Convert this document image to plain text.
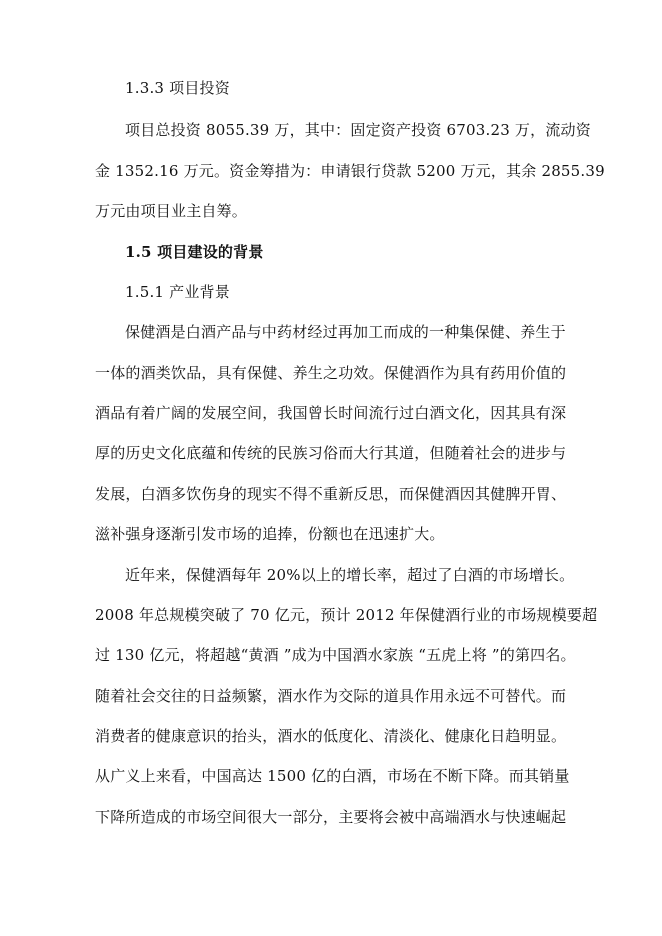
1.3.3 项目投资
项目总投资 8055.39 万，其中：固定资产投资 6703.23 万，流动资
金 1352.16 万元。资金筹措为：申请银行贷款 5200 万元，其余 2855.39
万元由项目业主自筹。
1.5 项目建设的背景
1.5.1 产业背景
保健酒是白酒产品与中药材经过再加工而成的一种集保健、养生于
一体的酒类饮品，具有保健、养生之功效。保健酒作为具有药用价值的
酒品有着广阔的发展空间，我国曾长时间流行过白酒文化，因其具有深
厚的历史文化底蕴和传统的民族习俗而大行其道，但随着社会的进步与
发展，白酒多饮伤身的现实不得不重新反思，而保健酒因其健脾开胃、
滋补强身逐渐引发市场的追捧，份额也在迅速扩大。
近年来，保健酒每年 20%以上的增长率，超过了白酒的市场增长。
2008 年总规模突破了 70 亿元，预计 2012 年保健酒行业的市场规模要超
过 130 亿元，将超越“黄酒 ”成为中国酒水家族 “五虎上将 ”的第四名。
随着社会交往的日益频繁，酒水作为交际的道具作用永远不可替代。而
消费者的健康意识的抬头，酒水的低度化、清淡化、健康化日趋明显。
从广义上来看，中国高达 1500 亿的白酒，市场在不断下降。而其销量
下降所造成的市场空间很大一部分，主要将会被中高端酒水与快速崛起
